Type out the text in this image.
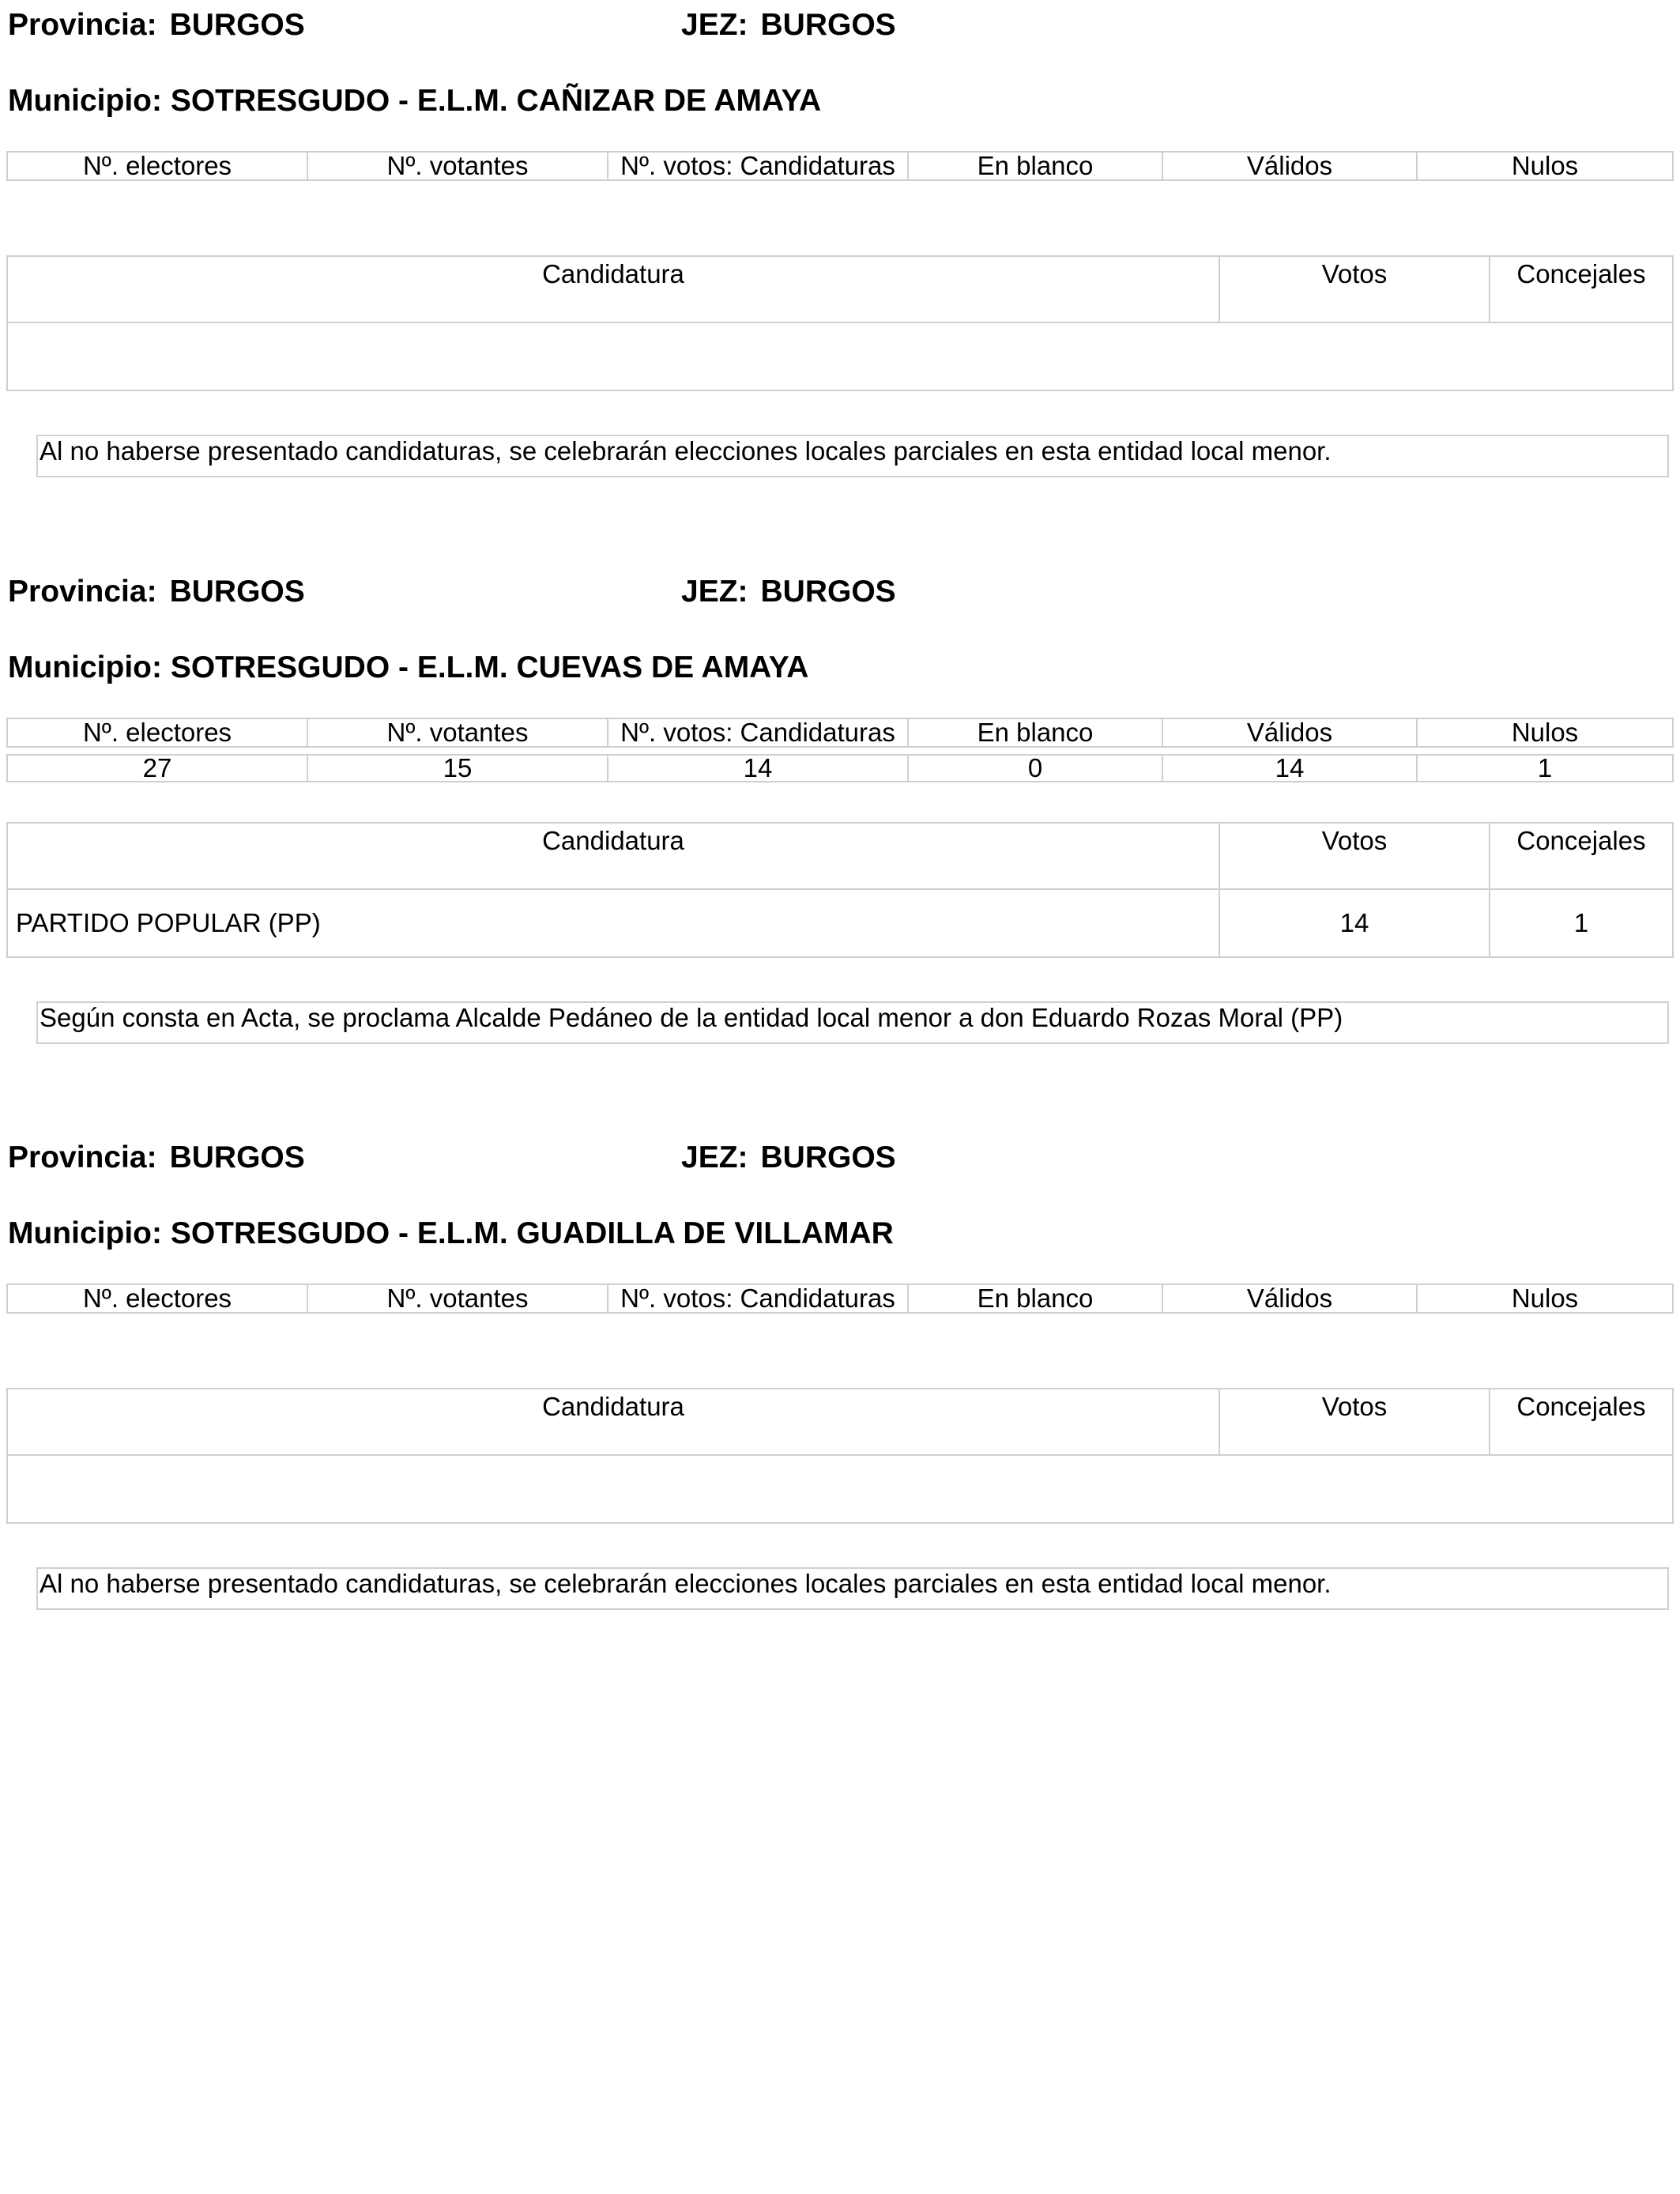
Provincia: BURGOS	JEZ: BURGOS
Municipio: SOTRESGUDO - E.L.M. CAÑIZAR DE AMAYA
Nº. electores	Nº. votantes	Nº. votos: Candidaturas	En blanco	Válidos	Nulos

Candidatura	Votos	Concejales

Al no haberse presentado candidaturas, se celebrarán elecciones locales parciales en esta entidad local menor.
Provincia: BURGOS	JEZ: BURGOS
Municipio: SOTRESGUDO - E.L.M. CUEVAS DE AMAYA
Nº. electores	Nº. votantes	Nº. votos: Candidaturas	En blanco	Válidos	Nulos

27	15	14	0	14	1
Candidatura	Votos	Concejales
PARTIDO POPULAR (PP)	14	1
Según consta en Acta, se proclama Alcalde Pedáneo de la entidad local menor a don Eduardo Rozas Moral (PP)
Provincia: BURGOS	JEZ: BURGOS
Municipio: SOTRESGUDO - E.L.M. GUADILLA DE VILLAMAR
Nº. electores	Nº. votantes	Nº. votos: Candidaturas	En blanco	Válidos	Nulos

Candidatura	Votos	Concejales

Al no haberse presentado candidaturas, se celebrarán elecciones locales parciales en esta entidad local menor.
